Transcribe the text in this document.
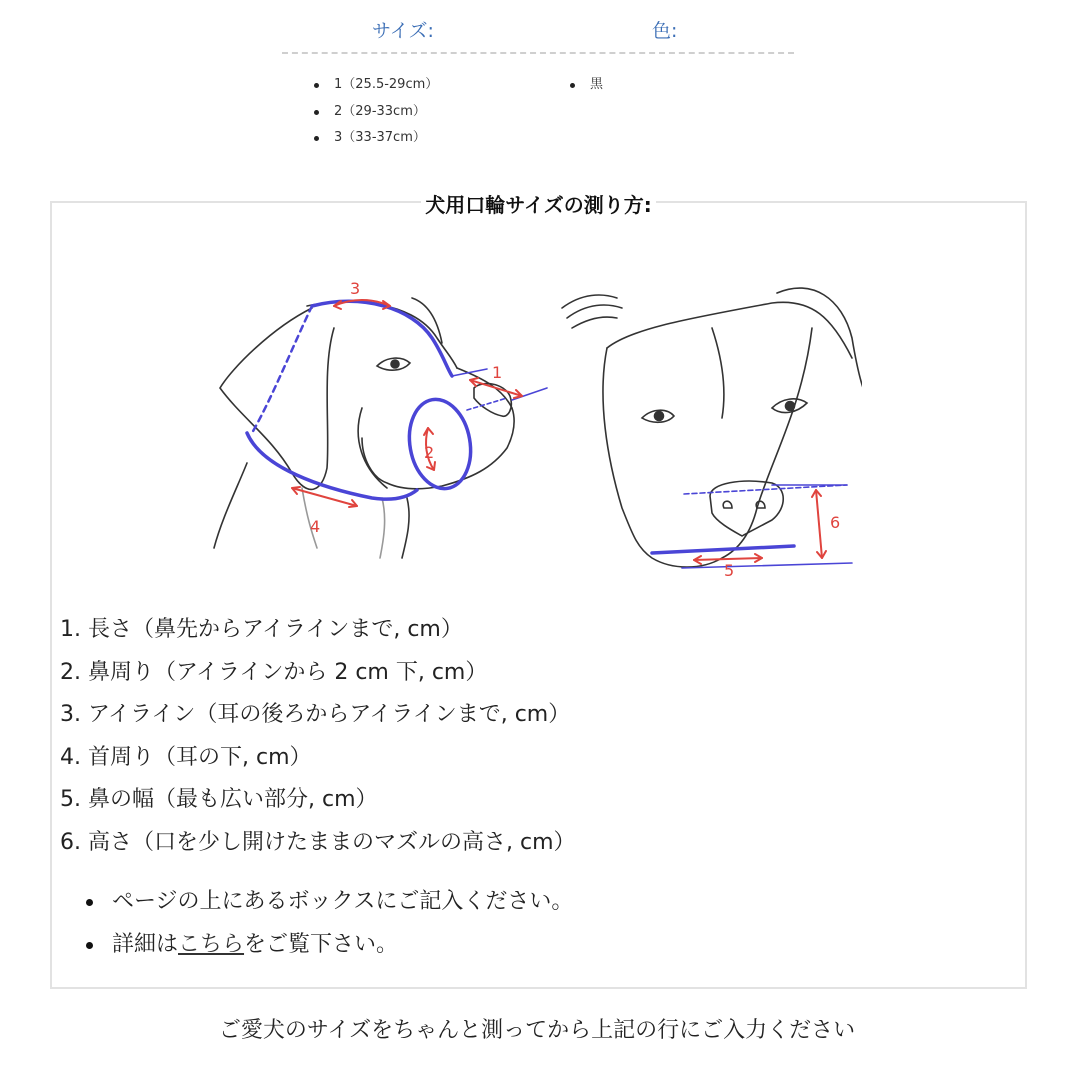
サイズ:	色:
1（25.5-29cm）
2（29-33cm）
3（33-37cm）
黒
犬用口輪サイズの測り方:
3
1
2
4
5
6
1. 長さ（鼻先からアイラインまで, cm）
2. 鼻周り（アイラインから 2 cm 下, cm）
3. アイライン（耳の後ろからアイラインまで, cm）
4. 首周り（耳の下, cm）
5. 鼻の幅（最も広い部分, cm）
6. 高さ（口を少し開けたままのマズルの高さ, cm）
ページの上にあるボックスにご記入ください。
詳細はこちらをご覧下さい。
ご愛犬のサイズをちゃんと測ってから上記の行にご入力ください
